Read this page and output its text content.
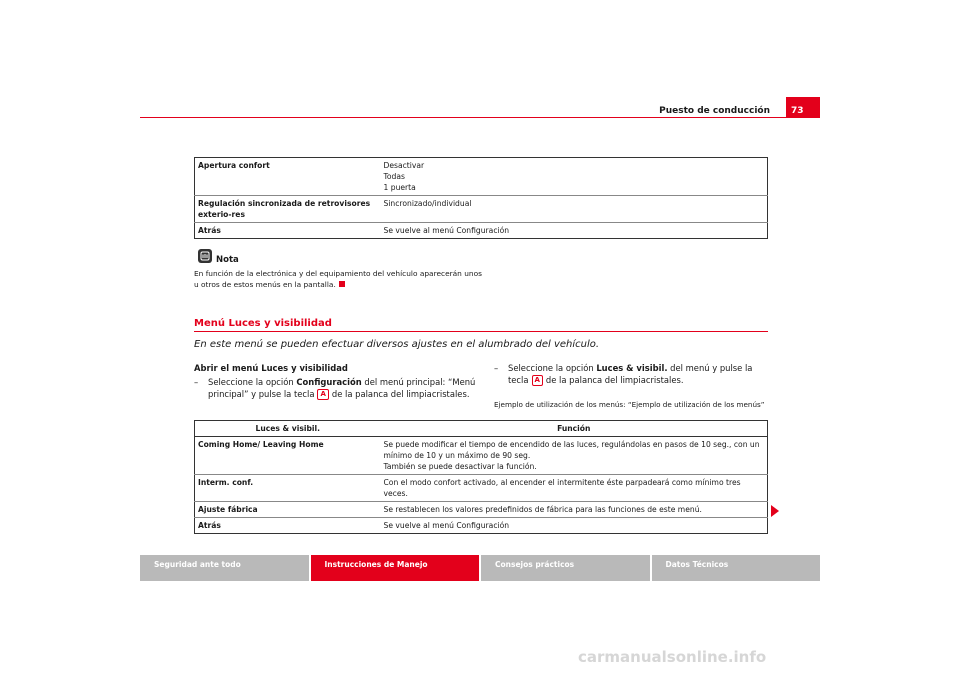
Puesto de conducción	73
Apertura confort	Desactivar
Todas
1 puerta

Regulación sincronizada de retrovisores exterio-res	Sincronizado/individual
Atrás	Se vuelve al menú Configuración
Nota
En función de la electrónica y del equipamiento del vehículo aparecerán unos u otros de estos menús en la pantalla.
Menú Luces y visibilidad
En este menú se pueden efectuar diversos ajustes en el alumbrado del vehículo.
Abrir el menú Luces y visibilidad
–	Seleccione la opción Configuración del menú principal: “Menú principal” y pulse la tecla A de la palanca del limpiacristales.
–	Seleccione la opción Luces & visibil. del menú y pulse la tecla A de la palanca del limpiacristales.
Ejemplo de utilización de los menús: “Ejemplo de utilización de los menús”
Luces & visibil.	Función
Coming Home/ Leaving Home	Se puede modificar el tiempo de encendido de las luces, regulándolas en pasos de 10 seg., con un mínimo de 10 y un máximo de 90 seg.
También se puede desactivar la función.

Interm. conf.	Con el modo confort activado, al encender el intermitente éste parpadeará como mínimo tres veces.
Ajuste fábrica	Se restablecen los valores predefinidos de fábrica para las funciones de este menú.
Atrás	Se vuelve al menú Configuración
Seguridad ante todo	Instrucciones de Manejo	Consejos prácticos	Datos Técnicos
carmanualsonline.info
